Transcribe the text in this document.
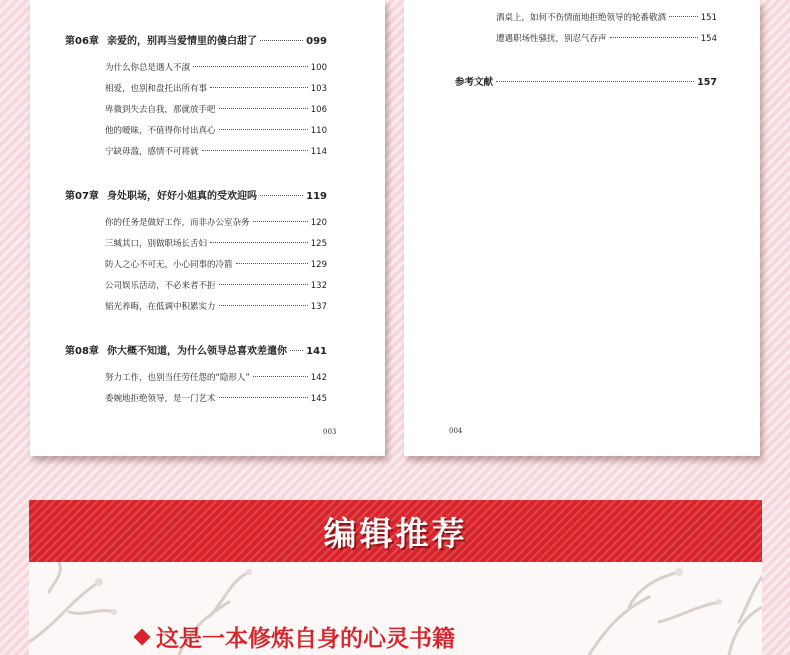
第06章 亲爱的，别再当爱情里的傻白甜了	099
为什么你总是遇人不淑	100
相爱，也别和盘托出所有事	103
卑微到失去自我，那就放手吧	106
他的暧昧，不值得你付出真心	110
宁缺毋滥，感情不可将就	114
第07章 身处职场，好好小姐真的受欢迎吗	119
你的任务是做好工作，而非办公室杂务	120
三缄其口，别做职场长舌妇	125
防人之心不可无，小心同事的冷箭	129
公司娱乐活动，不必来者不拒	132
韬光养晦，在低调中积累实力	137
第08章 你大概不知道，为什么领导总喜欢差遣你 141
努力工作，也别当任劳任怨的“隐形人”	142
委婉地拒绝领导，是一门艺术	145
003
酒桌上，如何不伤情面地拒绝领导的轮番敬酒	151
遭遇职场性骚扰，别忍气吞声	154
参考文献	157
004
编辑推荐
这是一本修炼自身的心灵书籍
